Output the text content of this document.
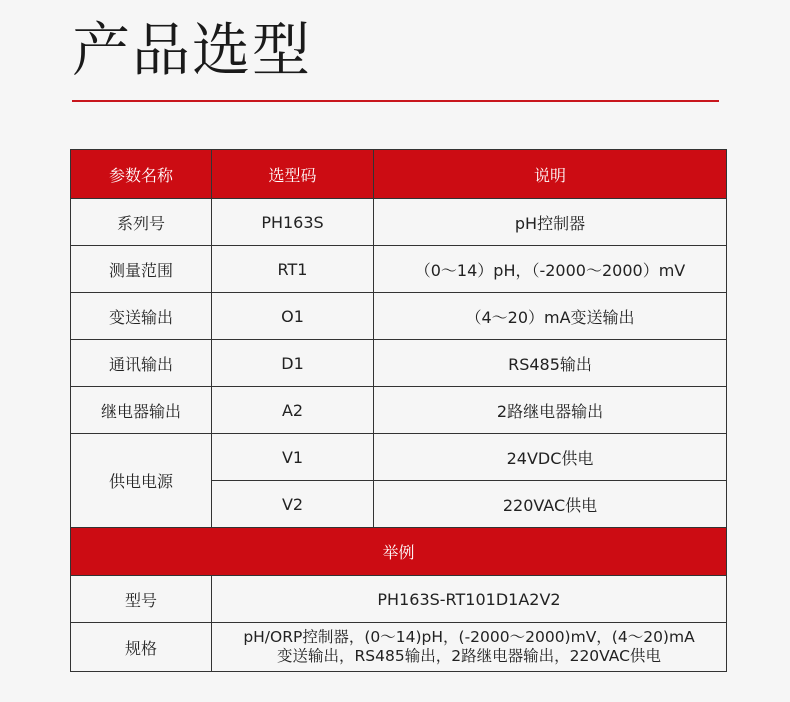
产品选型
参数名称	选型码	说明
系列号	PH163S	pH控制器
测量范围	RT1	（0～14）pH，（-2000～2000）mV
变送输出	O1	（4～20）mA变送输出
通讯输出	D1	RS485输出
继电器输出	A2	2路继电器输出
供电电源	V1	24VDC供电
	V2	220VAC供电
举例		
型号	PH163S-RT101D1A2V2	
规格	pH/ORP控制器，(0～14)pH，(-2000～2000)mV，(4～20)mA
变送输出，RS485输出，2路继电器输出，220VAC供电	
